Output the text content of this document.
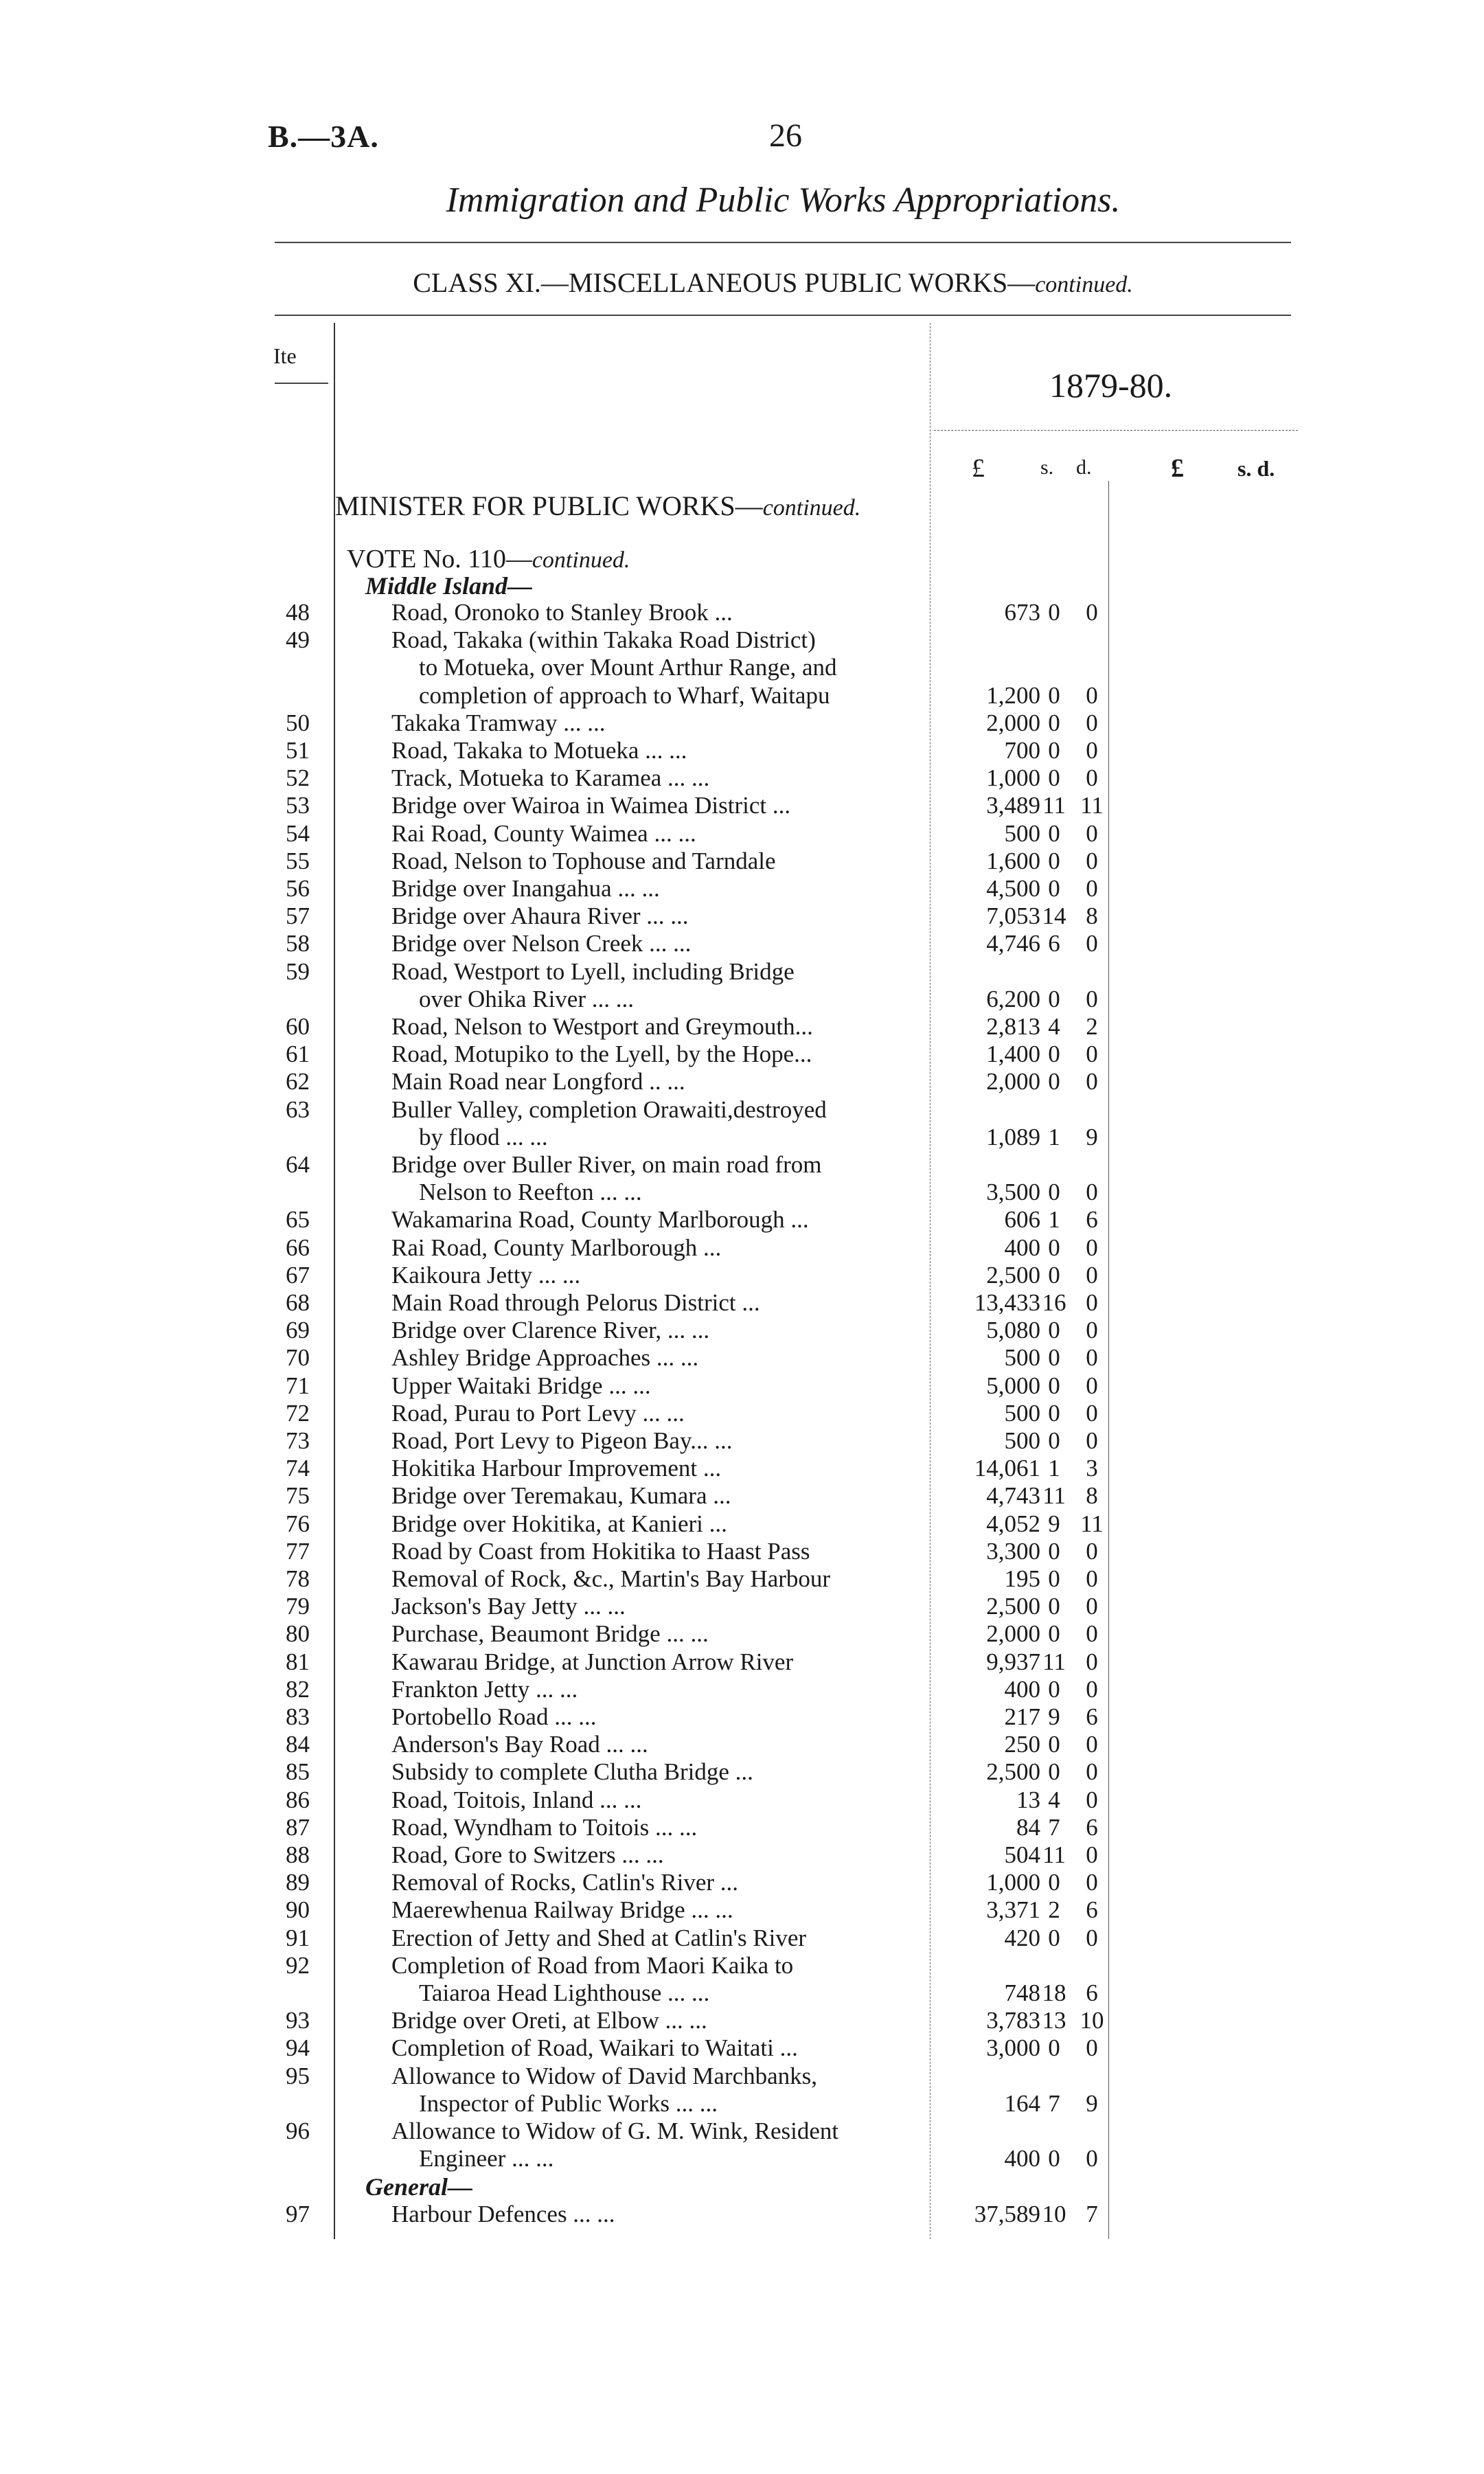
B.—3A.	26
Immigration and Public Works Appropriations.
CLASS XI.—MISCELLANEOUS PUBLIC WORKS—continued.
Ite
1879-80.
£	s. d.	£ s. d.
MINISTER FOR PUBLIC WORKS—continued.
VOTE No. 110—continued.
Middle Island—
48	Road, Oronoko to Stanley Brook ...	673 0	0
49	Road, Takaka (within Takaka Road District)
to Motueka, over Mount Arthur Range, and
completion of approach to Wharf, Waitapu	1,200 0	0
50	Takaka Tramway ... ...	2,000 0	0
51	Road, Takaka to Motueka ... ...	700 0	0
52	Track, Motueka to Karamea ... ...	1,000 0	0
53	Bridge over Wairoa in Waimea District ...	3,489 11 11
54	Rai Road, County Waimea ... ...	500 0	0
55	Road, Nelson to Tophouse and Tarndale	1,600 0	0
56	Bridge over Inangahua ... ...	4,500 0	0
57	Bridge over Ahaura River ... ...	7,053 14 8
58	Bridge over Nelson Creek ... ...	4,746 6	0
59	Road, Westport to Lyell, including Bridge
over Ohika River ... ...	6,200 0	0
60	Road, Nelson to Westport and Greymouth...	2,813 4	2
61	Road, Motupiko to the Lyell, by the Hope...	1,400 0	0
62	Main Road near Longford .. ...	2,000 0	0
63	Buller Valley, completion Orawaiti,destroyed
by flood ... ...	1,089 1	9
64	Bridge over Buller River, on main road from
Nelson to Reefton ... ...	3,500 0	0
65	Wakamarina Road, County Marlborough ...	606 1	6
66	Rai Road, County Marlborough ...	400 0	0
67	Kaikoura Jetty ... ...	2,500 0	0
68	Main Road through Pelorus District ...	13,433 16 0
69	Bridge over Clarence River, ... ...	5,080 0	0
70	Ashley Bridge Approaches ... ...	500 0	0
71	Upper Waitaki Bridge ... ...	5,000 0	0
72	Road, Purau to Port Levy ... ...	500 0	0
73	Road, Port Levy to Pigeon Bay... ...	500 0	0
74	Hokitika Harbour Improvement ...	14,061 1	3
75	Bridge over Teremakau, Kumara ...	4,743 11 8
76	Bridge over Hokitika, at Kanieri ...	4,052 9 11
77	Road by Coast from Hokitika to Haast Pass	3,300 0	0
78	Removal of Rock, &c., Martin's Bay Harbour	195 0	0
79	Jackson's Bay Jetty ... ...	2,500 0	0
80	Purchase, Beaumont Bridge ... ...	2,000 0	0
81	Kawarau Bridge, at Junction Arrow River	9,937 11 0
82	Frankton Jetty ... ...	400 0	0
83	Portobello Road ... ...	217 9	6
84	Anderson's Bay Road ... ...	250 0	0
85	Subsidy to complete Clutha Bridge ...	2,500 0	0
86	Road, Toitois, Inland ... ...	13 4	0
87	Road, Wyndham to Toitois ... ...	84 7	6
88	Road, Gore to Switzers ... ...	504 11 0
89	Removal of Rocks, Catlin's River ...	1,000 0	0
90	Maerewhenua Railway Bridge ... ...	3,371 2	6
91	Erection of Jetty and Shed at Catlin's River	420 0	0
92	Completion of Road from Maori Kaika to
Taiaroa Head Lighthouse ... ...	748 18 6
93	Bridge over Oreti, at Elbow ... ...	3,783 13 10
94	Completion of Road, Waikari to Waitati ...	3,000 0	0
95	Allowance to Widow of David Marchbanks,
Inspector of Public Works ... ...	164 7	9
96	Allowance to Widow of G. M. Wink, Resident
Engineer ... ...	400 0	0
General—
97	Harbour Defences ... ...	37,589 10 7
